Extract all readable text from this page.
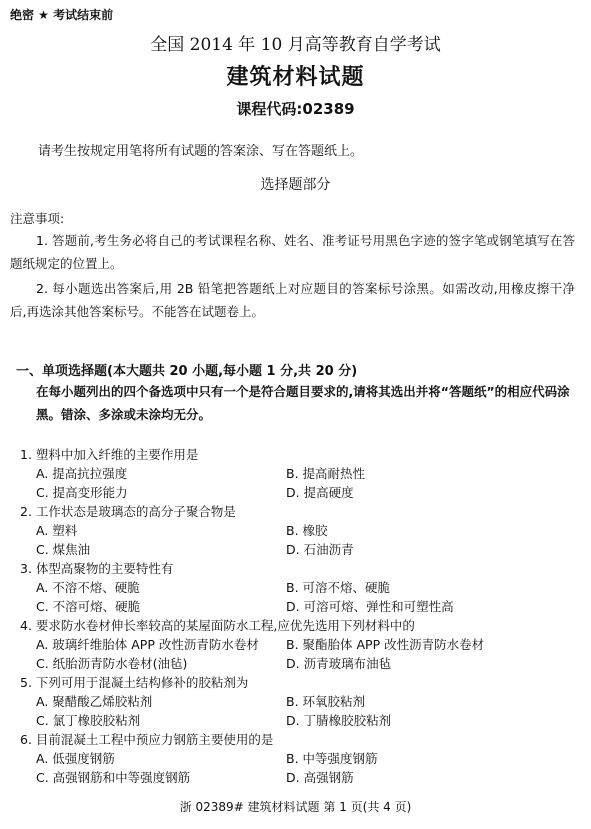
绝密 ★ 考试结束前
全国 2014 年 10 月高等教育自学考试
建筑材料试题
课程代码:02389
请考生按规定用笔将所有试题的答案涂、写在答题纸上。
选择题部分
注意事项:
1. 答题前,考生务必将自己的考试课程名称、姓名、准考证号用黑色字迹的签字笔或钢笔填写在答题纸规定的位置上。
2. 每小题选出答案后,用 2B 铅笔把答题纸上对应题目的答案标号涂黑。如需改动,用橡皮擦干净后,再选涂其他答案标号。不能答在试题卷上。
一、单项选择题(本大题共 20 小题,每小题 1 分,共 20 分)
在每小题列出的四个备选项中只有一个是符合题目要求的,请将其选出并将“答题纸”的相应代码涂黑。错涂、多涂或未涂均无分。
1. 塑料中加入纤维的主要作用是
A. 提高抗拉强度	B. 提高耐热性
C. 提高变形能力	D. 提高硬度
2. 工作状态是玻璃态的高分子聚合物是
A. 塑料	B. 橡胶
C. 煤焦油	D. 石油沥青
3. 体型高聚物的主要特性有
A. 不溶不熔、硬脆	B. 可溶不熔、硬脆
C. 不溶可熔、硬脆	D. 可溶可熔、弹性和可塑性高
4. 要求防水卷材伸长率较高的某屋面防水工程,应优先选用下列材料中的
A. 玻璃纤维胎体 APP 改性沥青防水卷材 B. 聚酯胎体 APP 改性沥青防水卷材
C. 纸胎沥青防水卷材(油毡)	D. 沥青玻璃布油毡
5. 下列可用于混凝土结构修补的胶粘剂为
A. 聚醋酸乙烯胶粘剂	B. 环氧胶粘剂
C. 氯丁橡胶胶粘剂	D. 丁腈橡胶胶粘剂
6. 目前混凝土工程中预应力钢筋主要使用的是
A. 低强度钢筋	B. 中等强度钢筋
C. 高强钢筋和中等强度钢筋	D. 高强钢筋
浙 02389# 建筑材料试题 第 1 页(共 4 页)
